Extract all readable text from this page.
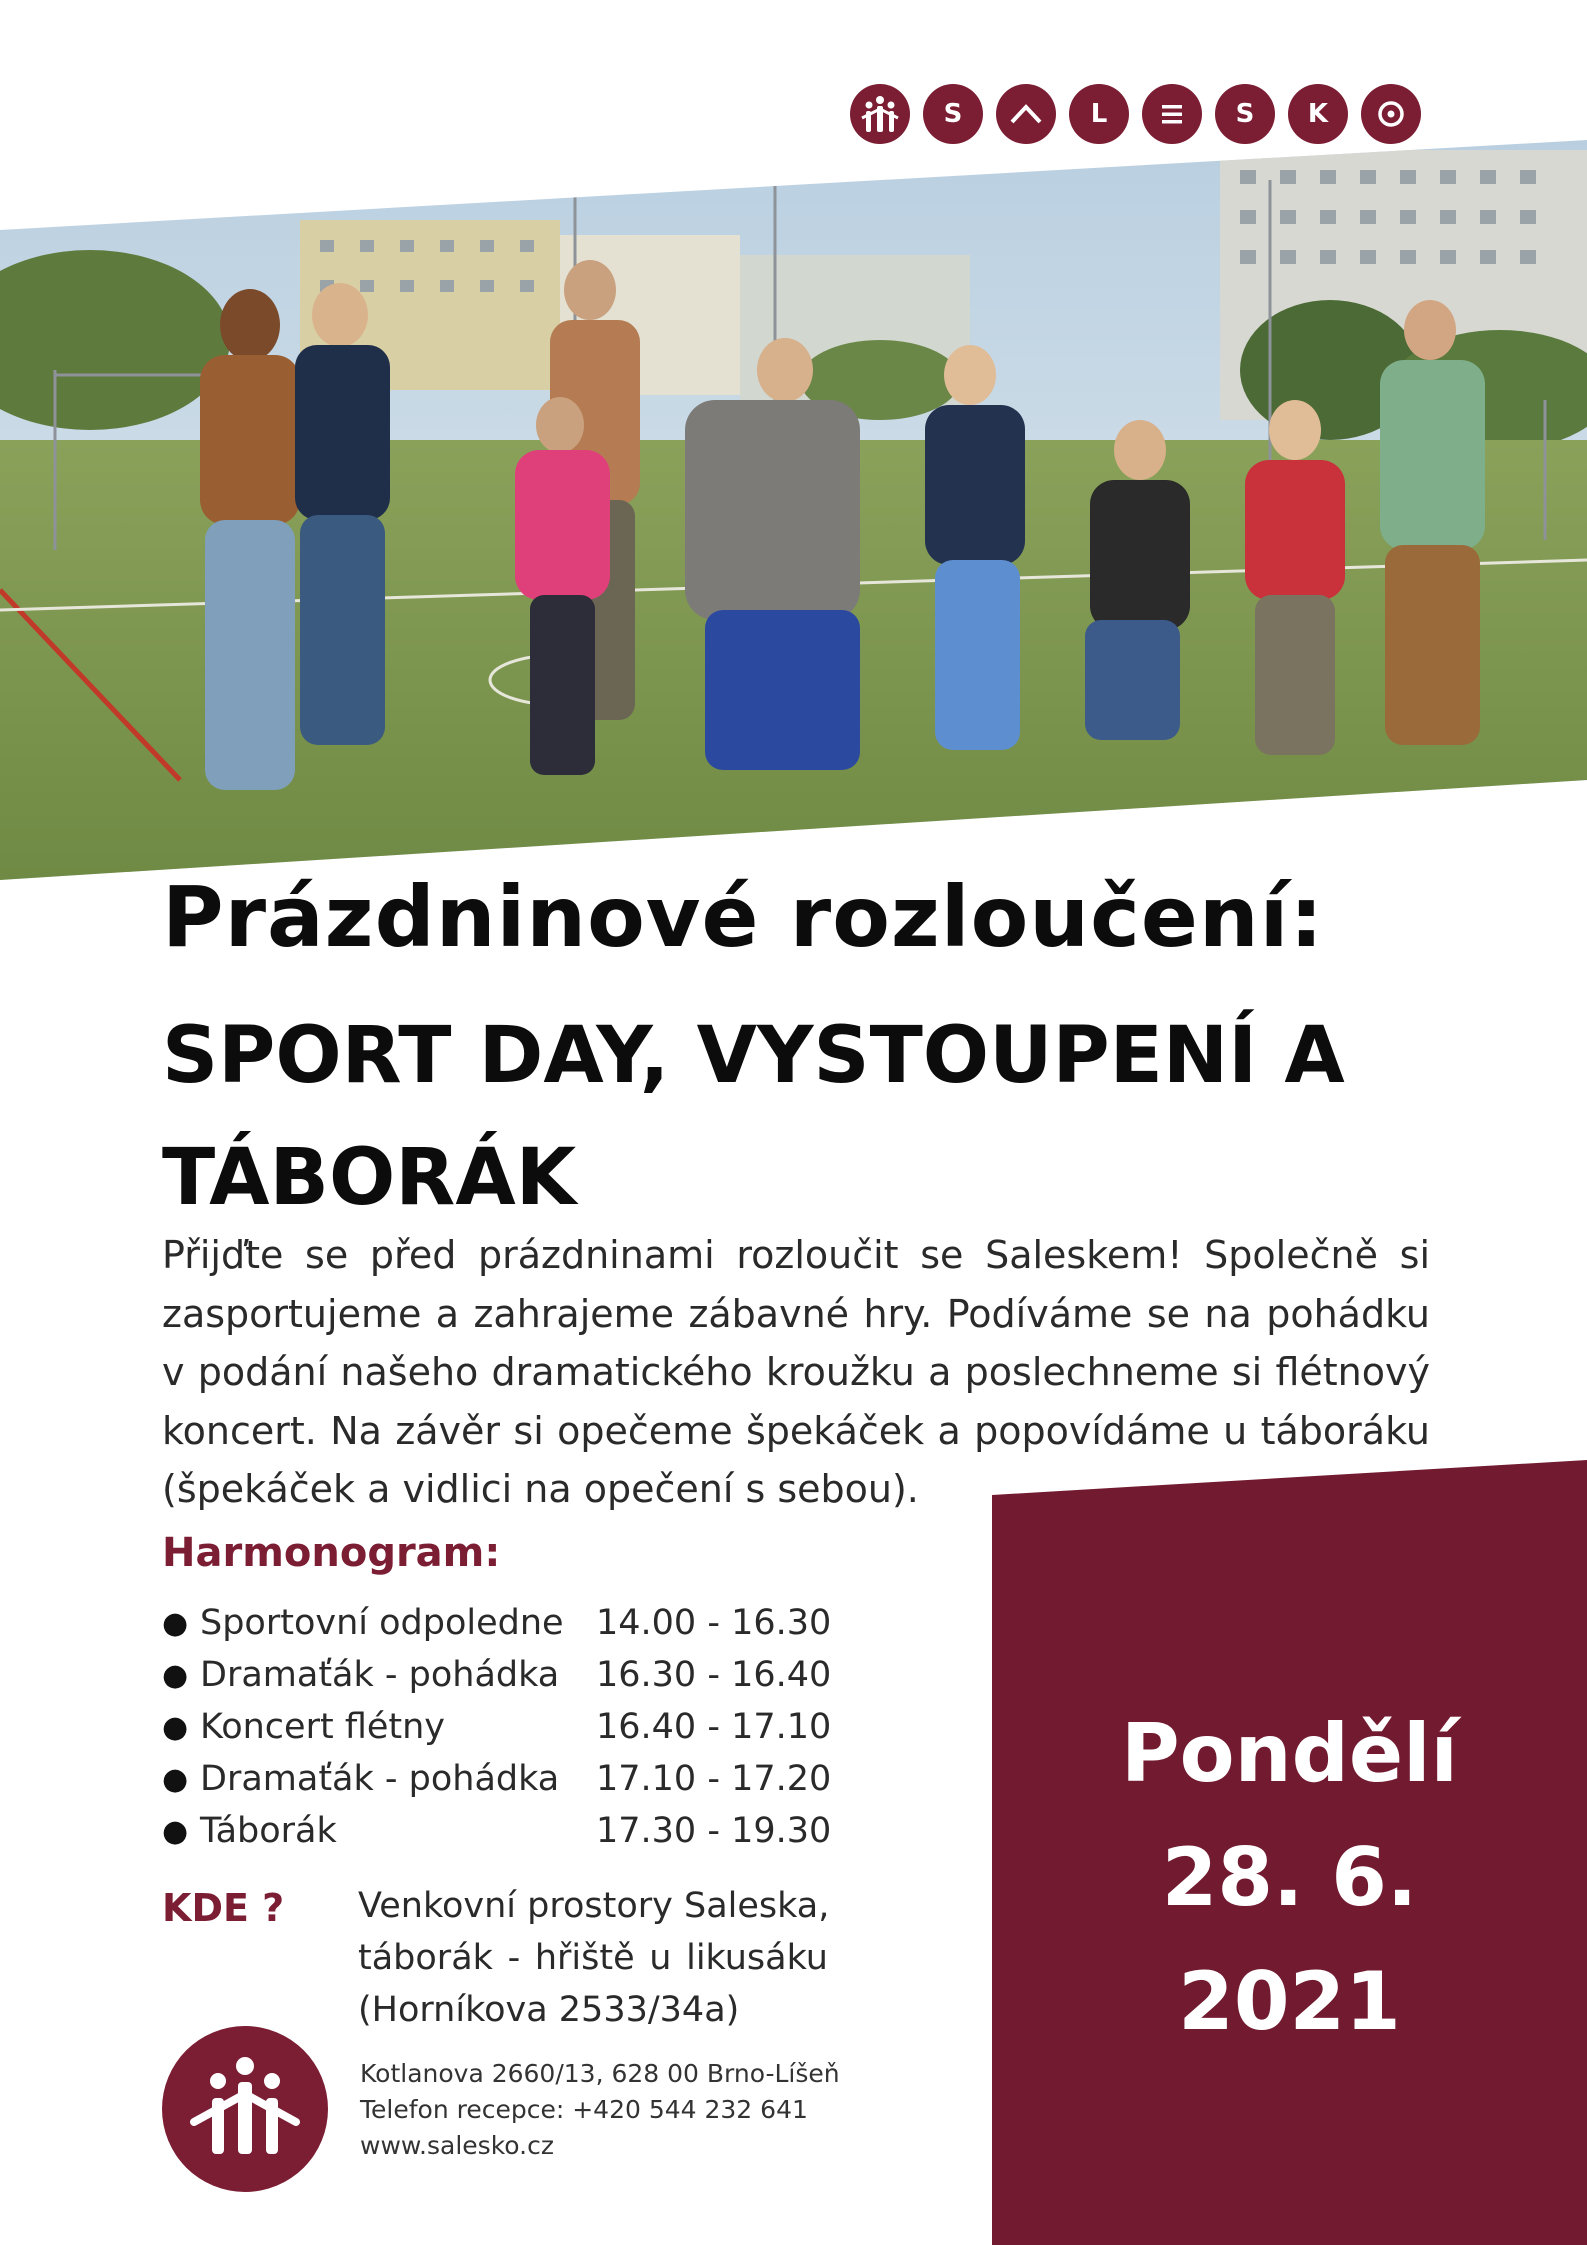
S	L	S	K
Prázdninové rozloučení:
SPORT DAY, VYSTOUPENÍ A TÁBORÁK

Přijďte se před prázdninami rozloučit se Saleskem! Společně si zasportujeme a zahrajeme zábavné hry. Podíváme se na pohádku v podání našeho dramatického kroužku a poslechneme si flétnový koncert. Na závěr si opečeme špekáček a popovídáme u táboráku (špekáček a vidlici na opečení s sebou).

Harmonogram:
● Sportovní odpoledne 14.00 - 16.30
● Dramaťák - pohádka	16.30 - 16.40
● Koncert flétny	16.40 - 17.10
● Dramaťák - pohádka	17.10 - 17.20
● Táborák	17.30 - 19.30
KDE ? Venkovní prostory Saleska,
táborák - hřiště u likusáku
(Horníkova 2533/34a)
Kotlanova 2660/13, 628 00 Brno-Líšeň
Telefon recepce: +420 544 232 641
www.salesko.cz
Pondělí
28. 6.
2021
